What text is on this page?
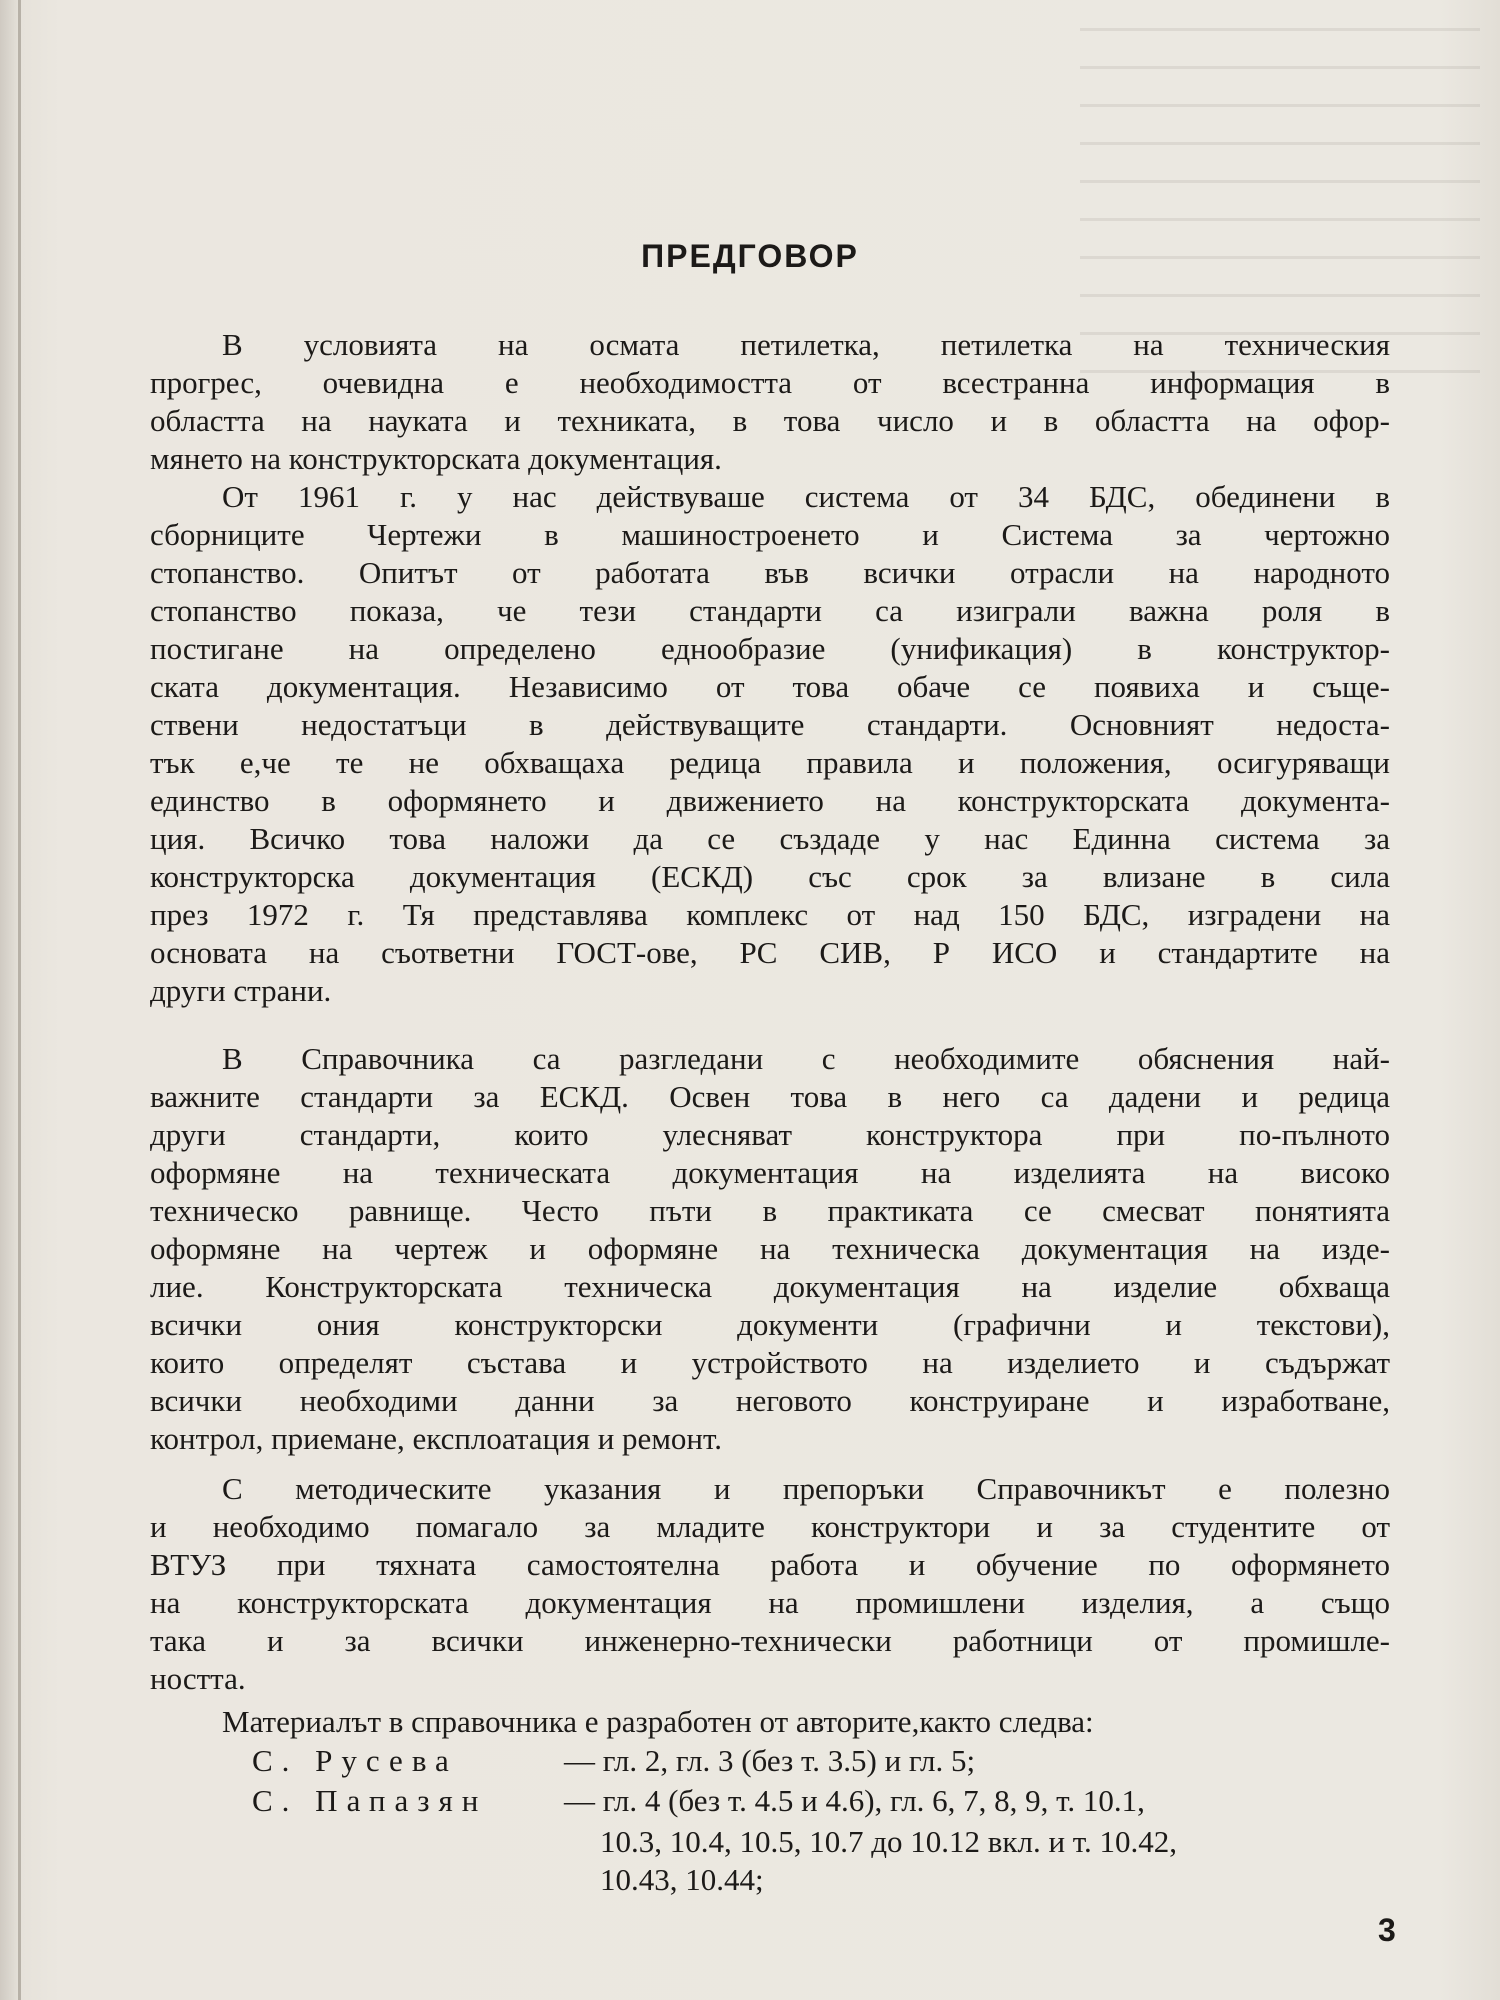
ПРЕДГОВОР
В условията на осмата петилетка, петилетка на техническия
прогрес, очевидна е необходимостта от всестранна информация в
областта на науката и техниката, в това число и в областта на офор-
мянето на конструкторската документация.
От 1961 г. у нас действуваше система от 34 БДС, обединени в
сборниците Чертежи в машиностроенето и Система за чертожно
стопанство. Опитът от работата във всички отрасли на народното
стопанство показа, че тези стандарти са изиграли важна роля в
постигане на определено еднообразие (унификация) в конструктор-
ската документация. Независимо от това обаче се появиха и съще-
ствени недостатъци в действуващите стандарти. Основният недоста-
тък е,че те не обхващаха редица правила и положения, осигуряващи
единство в оформянето и движението на конструкторската документа-
ция. Всичко това наложи да се създаде у нас Единна система за
конструкторска документация (ЕСКД) със срок за влизане в сила
през 1972 г. Тя представлява комплекс от над 150 БДС, изградени на
основата на съответни ГОСТ-ове, PC СИВ, Р ИСО и стандартите на
други страни.
В Справочника са разгледани с необходимите обяснения най-
важните стандарти за ЕСКД. Освен това в него са дадени и редица
други стандарти, които улесняват конструктора при по-пълното
оформяне на техническата документация на изделията на високо
техническо равнище. Често пъти в практиката се смесват понятията
оформяне на чертеж и оформяне на техническа документация на изде-
лие. Конструкторската техническа документация на изделие обхваща
всички ония конструкторски документи (графични и текстови),
които определят състава и устройството на изделието и съдържат
всички необходими данни за неговото конструиране и изработване,
контрол, приемане, експлоатация и ремонт.
С методическите указания и препоръки Справочникът е полезно
и необходимо помагало за младите конструктори и за студентите от
ВТУЗ при тяхната самостоятелна работа и обучение по оформянето
на конструкторската документация на промишлени изделия, а също
така и за всички инженерно-технически работници от промишле-
ността.
Материалът в справочника е разработен от авторите,както следва:
С. Русева	— гл. 2, гл. 3 (без т. 3.5) и гл. 5;
С. Папазян — гл. 4 (без т. 4.5 и 4.6), гл. 6, 7, 8, 9, т. 10.1,
10.3, 10.4, 10.5, 10.7 до 10.12 вкл. и т. 10.42,
10.43, 10.44;
3
